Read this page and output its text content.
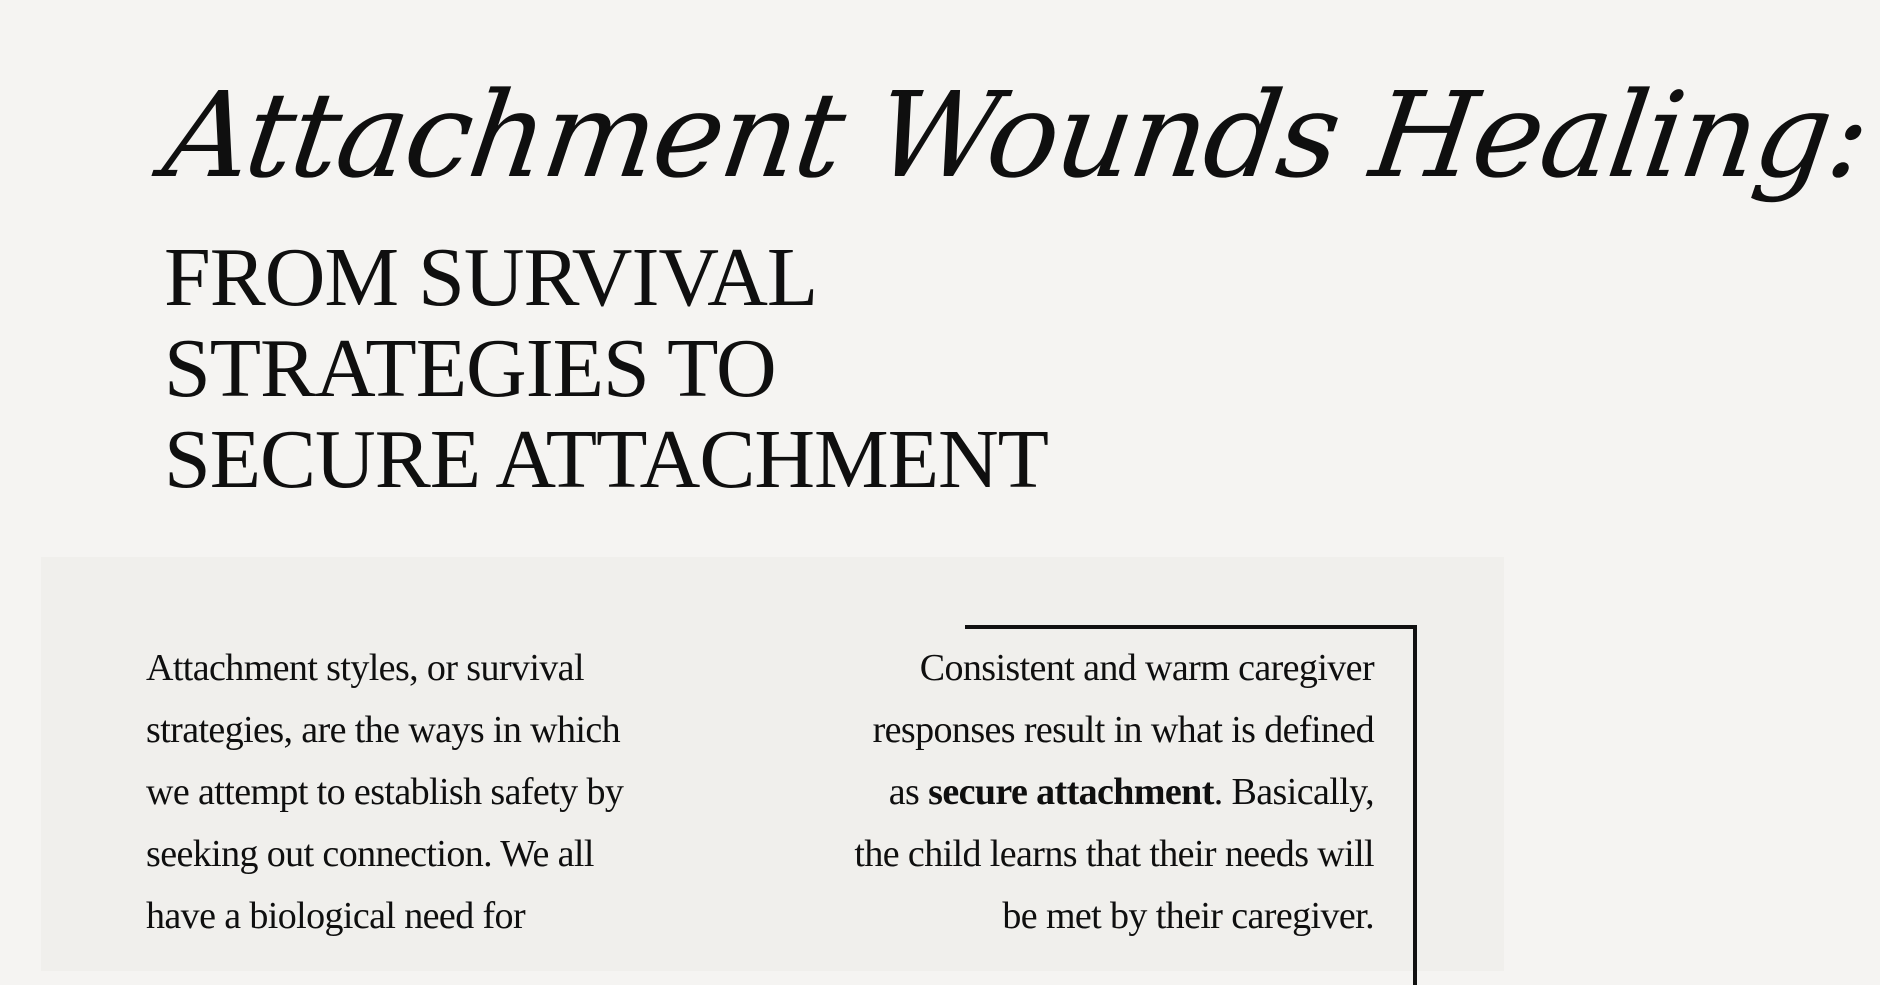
Attachment Wounds Healing:
FROM SURVIVAL
STRATEGIES TO
SECURE ATTACHMENT

Attachment styles, or survival
strategies, are the ways in which
we attempt to establish safety by
seeking out connection. We all
have a biological need for

Consistent and warm caregiver
responses result in what is defined
as secure attachment. Basically,
the child learns that their needs will
be met by their caregiver.
